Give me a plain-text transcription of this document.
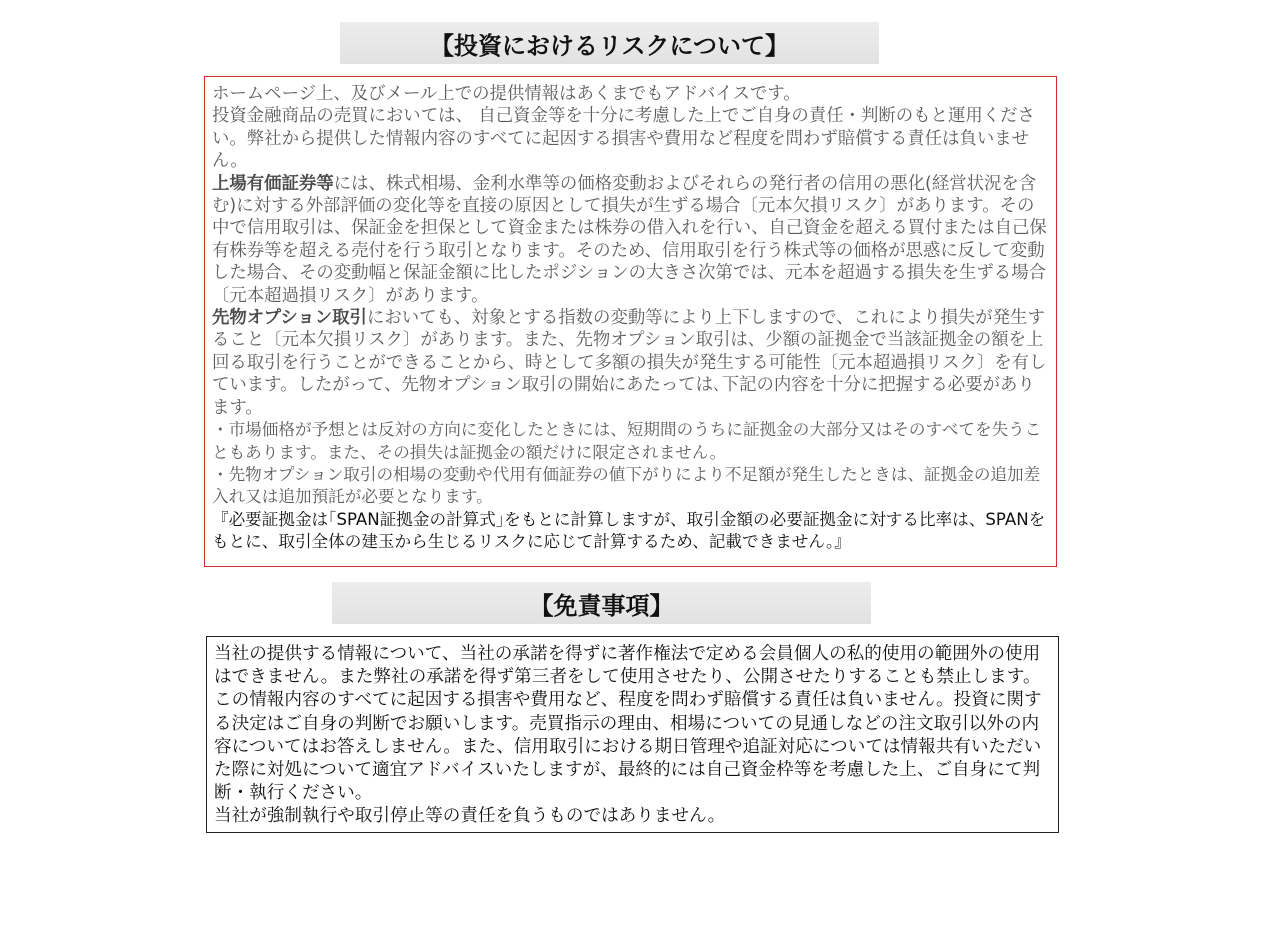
【投資におけるリスクについて】
ホームページ上、及びメール上での提供情報はあくまでもアドバイスです。
投資金融商品の売買においては、 自己資金等を十分に考慮した上でご自身の責任・判断のもと運用ください。弊社から提供した情報内容のすべてに起因する損害や費用など程度を問わず賠償する責任は負いません。
上場有価証券等には、株式相場、金利水準等の価格変動およびそれらの発行者の信用の悪化(経営状況を含む)に対する外部評価の変化等を直接の原因として損失が生ずる場合〔元本欠損リスク〕があります。その中で信用取引は、保証金を担保として資金または株券の借入れを行い、自己資金を超える買付または自己保有株券等を超える売付を行う取引となります。そのため、信用取引を行う株式等の価格が思惑に反して変動した場合、その変動幅と保証金額に比したポジションの大きさ次第では、元本を超過する損失を生ずる場合〔元本超過損リスク〕があります。
先物オプション取引においても、対象とする指数の変動等により上下しますので、これにより損失が発生すること〔元本欠損リスク〕があります。また、先物オプション取引は、少額の証拠金で当該証拠金の額を上回る取引を行うことができることから、時として多額の損失が発生する可能性〔元本超過損リスク〕を有しています。したがって、先物オプション取引の開始にあたっては､下記の内容を十分に把握する必要があります。
・市場価格が予想とは反対の方向に変化したときには、短期間のうちに証拠金の大部分又はそのすべてを失うこともあります。また、その損失は証拠金の額だけに限定されません。
・先物オプション取引の相場の変動や代用有価証券の値下がりにより不足額が発生したときは、証拠金の追加差入れ又は追加預託が必要となります。
『必要証拠金は｢SPAN証拠金の計算式｣をもとに計算しますが、取引金額の必要証拠金に対する比率は、SPANをもとに、取引全体の建玉から生じるリスクに応じて計算するため、記載できません。』
【免責事項】
当社の提供する情報について、当社の承諾を得ずに著作権法で定める会員個人の私的使用の範囲外の使用はできません。また弊社の承諾を得ず第三者をして使用させたり、公開させたりすることも禁止します。この情報内容のすべてに起因する損害や費用など、程度を問わず賠償する責任は負いません。投資に関する決定はご自身の判断でお願いします。売買指示の理由、相場についての見通しなどの注文取引以外の内容についてはお答えしません。また、信用取引における期日管理や追証対応については情報共有いただいた際に対処について適宜アドバイスいたしますが、最終的には自己資金枠等を考慮した上、ご自身にて判断・執行ください。
当社が強制執行や取引停止等の責任を負うものではありません。
